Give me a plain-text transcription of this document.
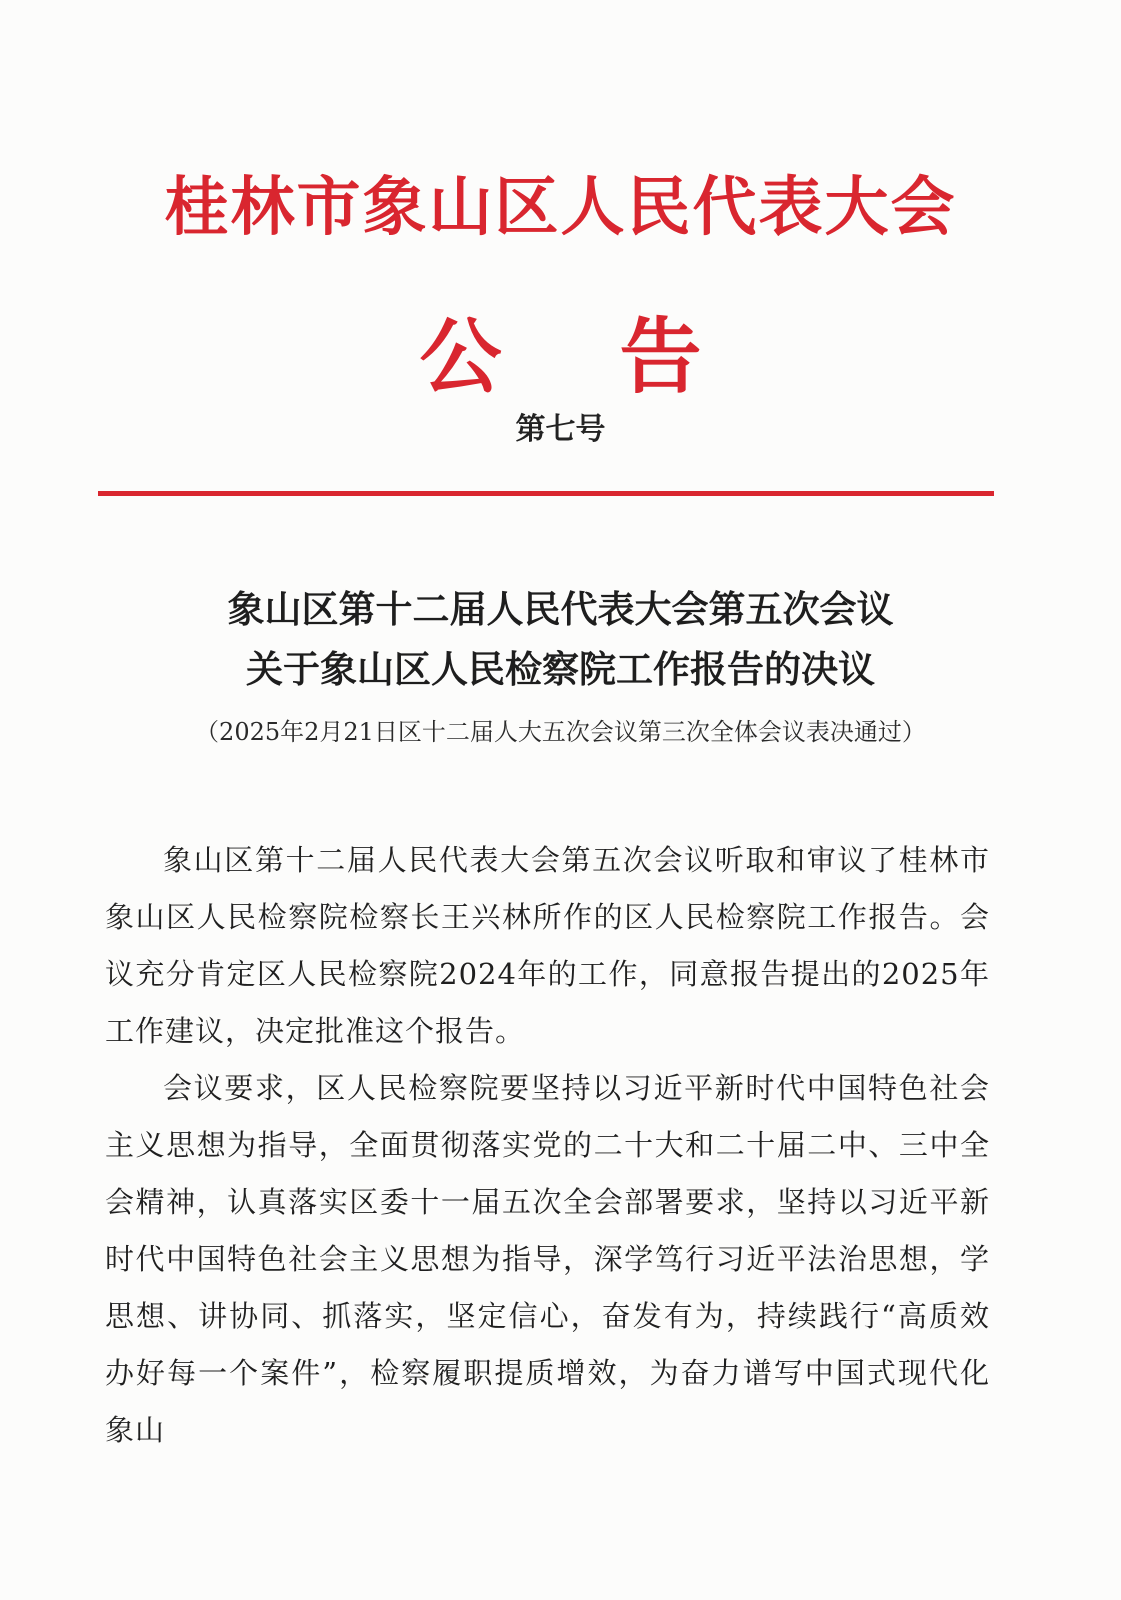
桂林市象山区人民代表大会
公告
第七号
象山区第十二届人民代表大会第五次会议
关于象山区人民检察院工作报告的决议
（2025年2月21日区十二届人大五次会议第三次全体会议表决通过）

象山区第十二届人民代表大会第五次会议听取和审议了桂林市象山区人民检察院检察长王兴林所作的区人民检察院工作报告。会议充分肯定区人民检察院2024年的工作，同意报告提出的2025年工作建议，决定批准这个报告。

会议要求，区人民检察院要坚持以习近平新时代中国特色社会主义思想为指导，全面贯彻落实党的二十大和二十届二中、三中全会精神，认真落实区委十一届五次全会部署要求，坚持以习近平新时代中国特色社会主义思想为指导，深学笃行习近平法治思想，学思想、讲协同、抓落实，坚定信心，奋发有为，持续践行“高质效办好每一个案件”，检察履职提质增效，为奋力谱写中国式现代化象山
